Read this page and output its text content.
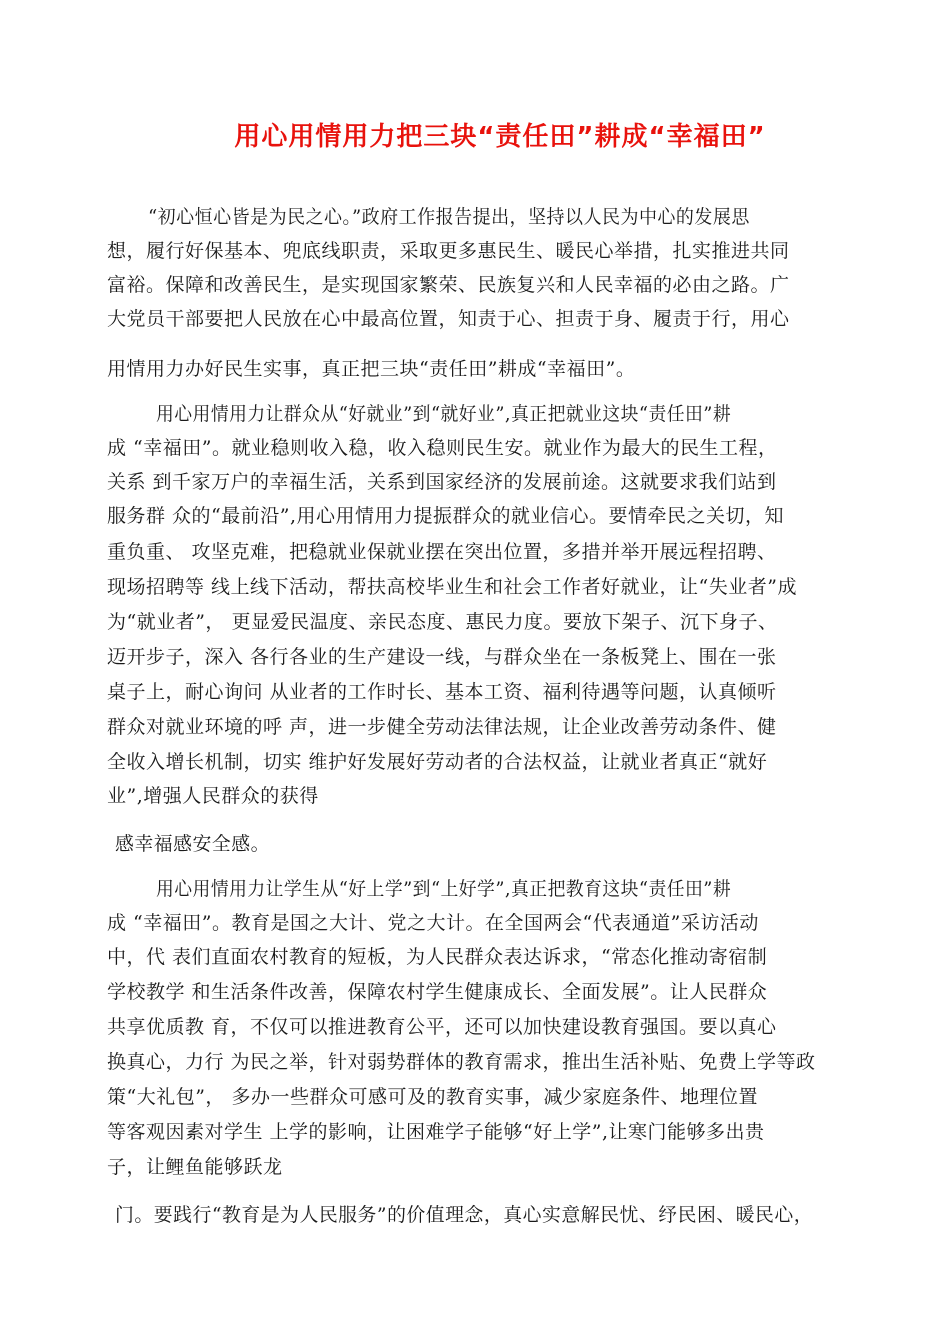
用心用情用力把三块“责任田”耕成“幸福田”
“初心恒心皆是为民之心。”政府工作报告提出，坚持以人民为中心的发展思
想，履行好保基本、兜底线职责，采取更多惠民生、暖民心举措，扎实推进共同
富裕。保障和改善民生，是实现国家繁荣、民族复兴和人民幸福的必由之路。广
大党员干部要把人民放在心中最高位置，知责于心、担责于身、履责于行，用心
用情用力办好民生实事，真正把三块“责任田”耕成“幸福田”。
用心用情用力让群众从“好就业”到“就好业”,真正把就业这块“责任田”耕
成 “幸福田”。就业稳则收入稳，收入稳则民生安。就业作为最大的民生工程，
关系 到千家万户的幸福生活，关系到国家经济的发展前途。这就要求我们站到
服务群 众的“最前沿”,用心用情用力提振群众的就业信心。要情牵民之关切，知
重负重、 攻坚克难，把稳就业保就业摆在突出位置，多措并举开展远程招聘、
现场招聘等 线上线下活动，帮扶高校毕业生和社会工作者好就业，让“失业者”成
为“就业者”， 更显爱民温度、亲民态度、惠民力度。要放下架子、沉下身子、
迈开步子，深入 各行各业的生产建设一线，与群众坐在一条板凳上、围在一张
桌子上，耐心询问 从业者的工作时长、基本工资、福利待遇等问题，认真倾听
群众对就业环境的呼 声，进一步健全劳动法律法规，让企业改善劳动条件、健
全收入增长机制，切实 维护好发展好劳动者的合法权益，让就业者真正“就好
业”,增强人民群众的获得
感幸福感安全感。
用心用情用力让学生从“好上学”到“上好学”,真正把教育这块“责任田”耕
成 “幸福田”。教育是国之大计、党之大计。在全国两会“代表通道”采访活动
中，代 表们直面农村教育的短板，为人民群众表达诉求，“常态化推动寄宿制
学校教学 和生活条件改善，保障农村学生健康成长、全面发展”。让人民群众
共享优质教 育，不仅可以推进教育公平，还可以加快建设教育强国。要以真心
换真心，力行 为民之举，针对弱势群体的教育需求，推出生活补贴、免费上学等政
策“大礼包”， 多办一些群众可感可及的教育实事，减少家庭条件、地理位置
等客观因素对学生 上学的影响，让困难学子能够“好上学”,让寒门能够多出贵
子，让鲤鱼能够跃龙
门。要践行“教育是为人民服务”的价值理念，真心实意解民忧、纾民困、暖民心，
